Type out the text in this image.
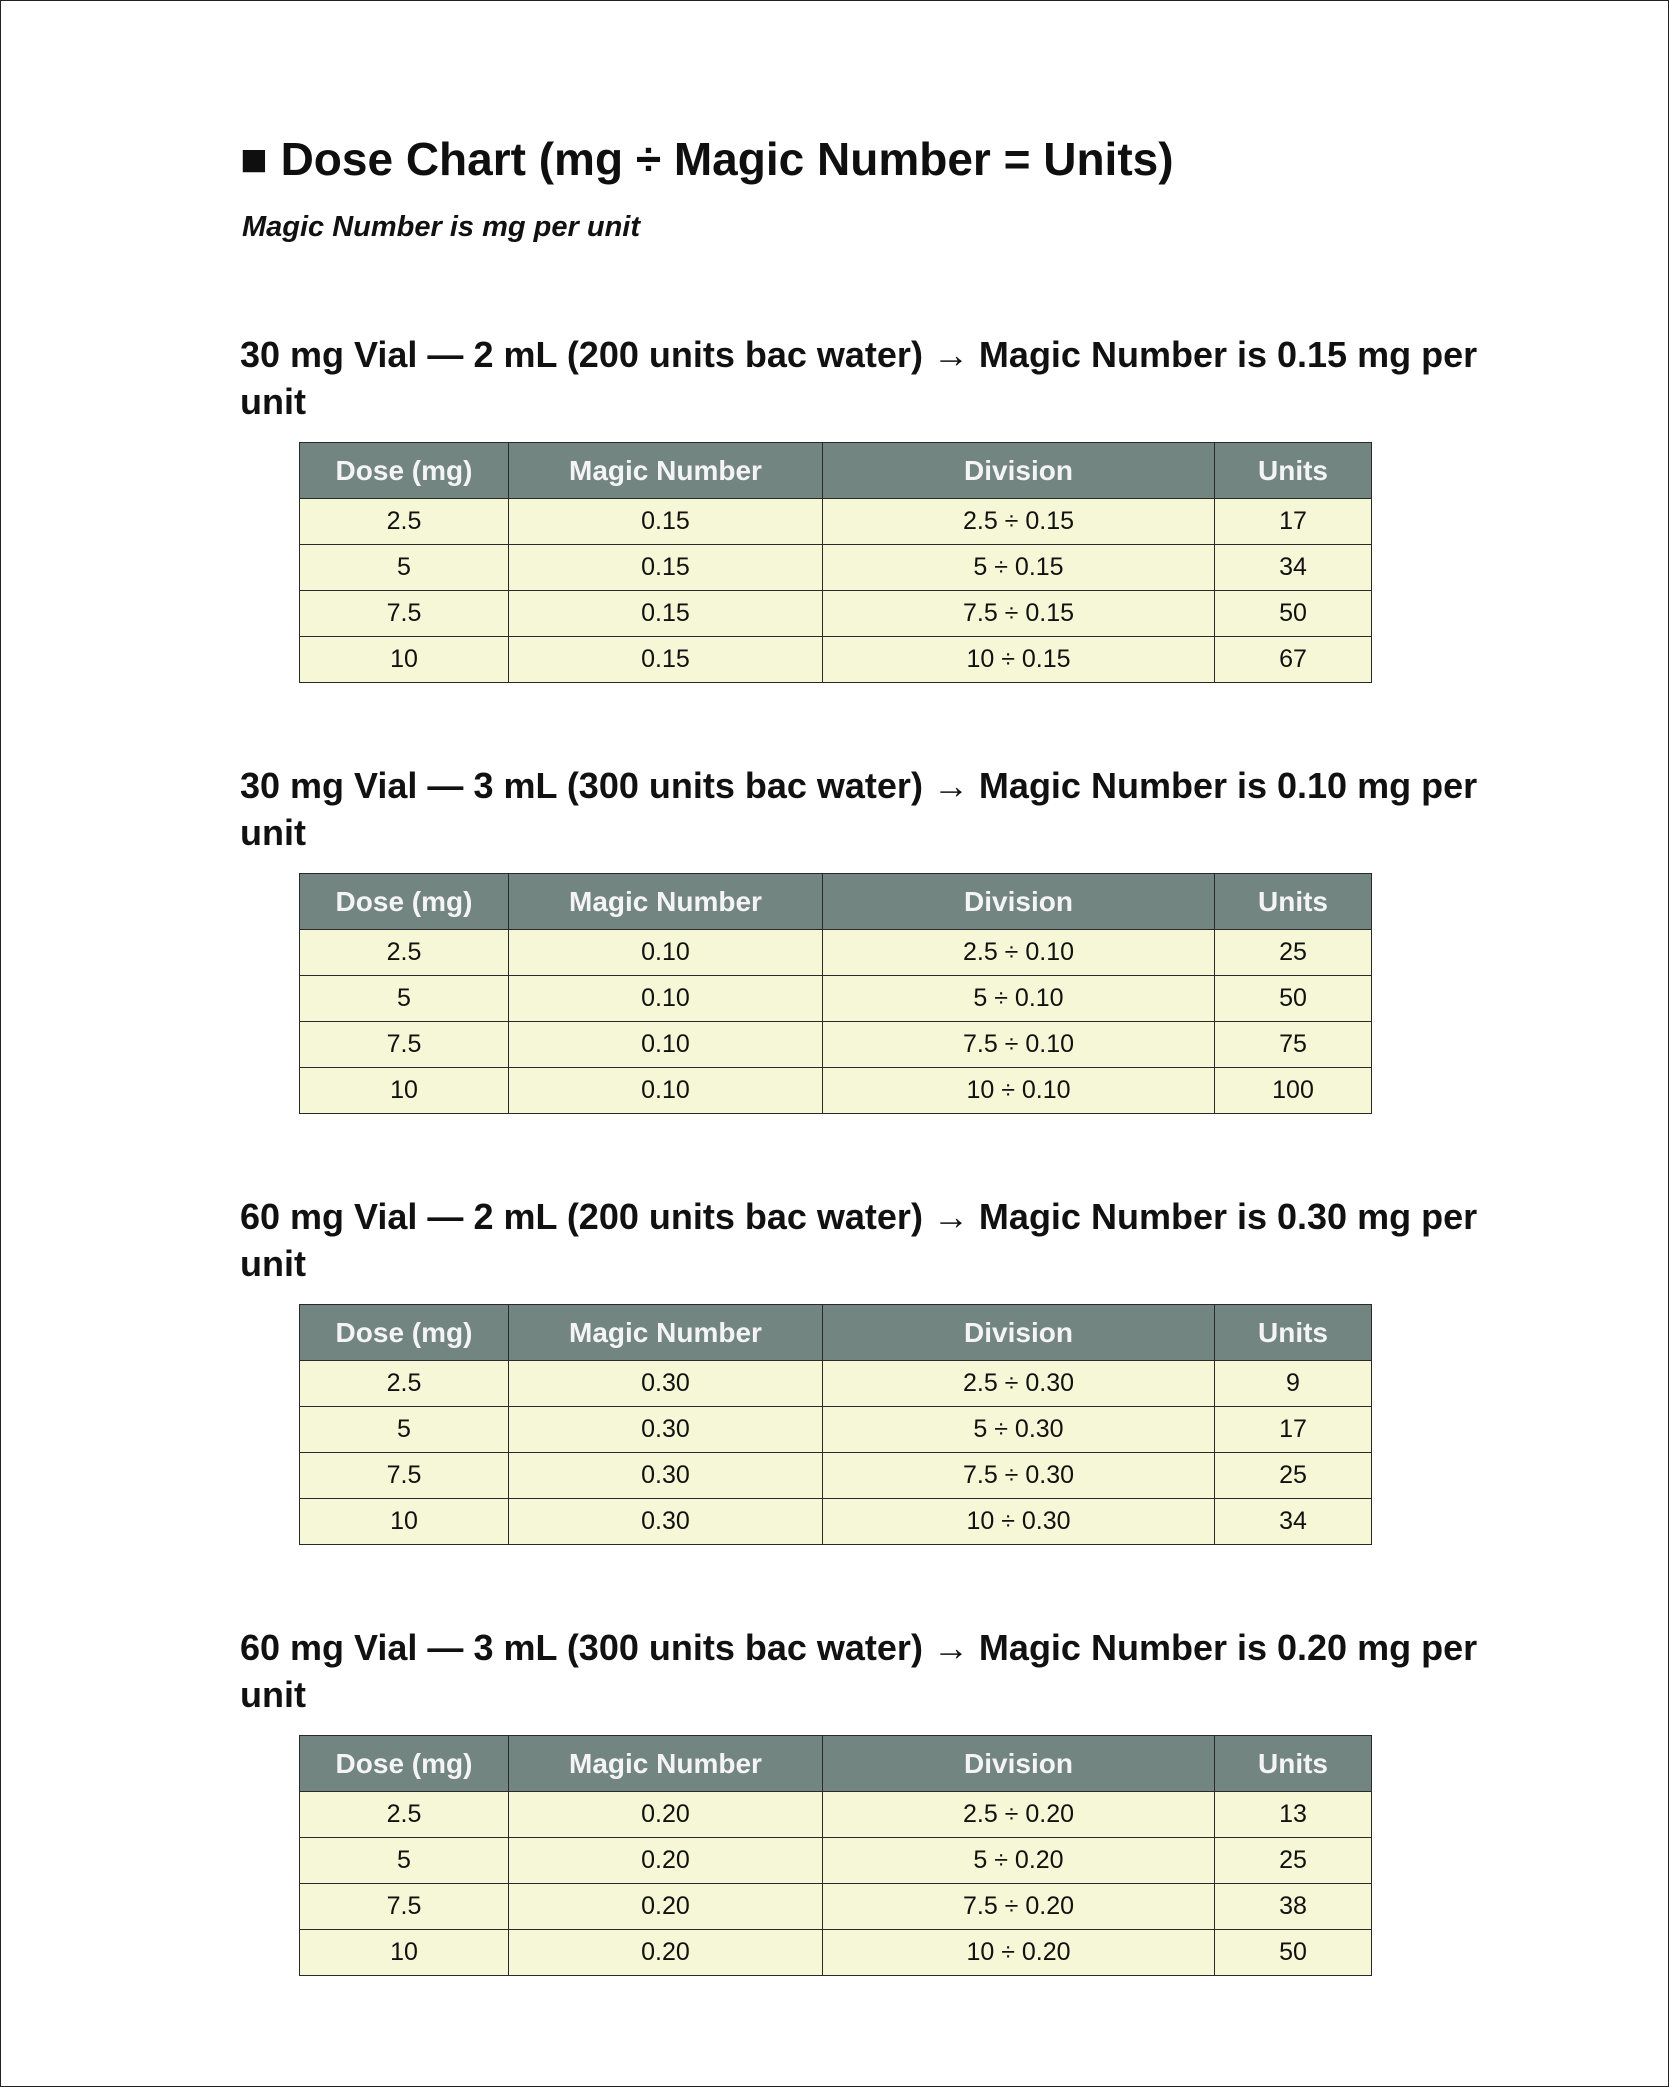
■ Dose Chart (mg ÷ Magic Number = Units)

Magic Number is mg per unit

30 mg Vial — 2 mL (200 units bac water) → Magic Number is 0.15 mg per unit
Dose (mg)	Magic Number	Division	Units
2.5	0.15	2.5 ÷ 0.15	17
5	0.15	5 ÷ 0.15	34
7.5	0.15	7.5 ÷ 0.15	50
10	0.15	10 ÷ 0.15	67
30 mg Vial — 3 mL (300 units bac water) → Magic Number is 0.10 mg per unit
Dose (mg)	Magic Number	Division	Units
2.5	0.10	2.5 ÷ 0.10	25
5	0.10	5 ÷ 0.10	50
7.5	0.10	7.5 ÷ 0.10	75
10	0.10	10 ÷ 0.10	100
60 mg Vial — 2 mL (200 units bac water) → Magic Number is 0.30 mg per unit
Dose (mg)	Magic Number	Division	Units
2.5	0.30	2.5 ÷ 0.30	9
5	0.30	5 ÷ 0.30	17
7.5	0.30	7.5 ÷ 0.30	25
10	0.30	10 ÷ 0.30	34
60 mg Vial — 3 mL (300 units bac water) → Magic Number is 0.20 mg per unit
Dose (mg)	Magic Number	Division	Units
2.5	0.20	2.5 ÷ 0.20	13
5	0.20	5 ÷ 0.20	25
7.5	0.20	7.5 ÷ 0.20	38
10	0.20	10 ÷ 0.20	50
